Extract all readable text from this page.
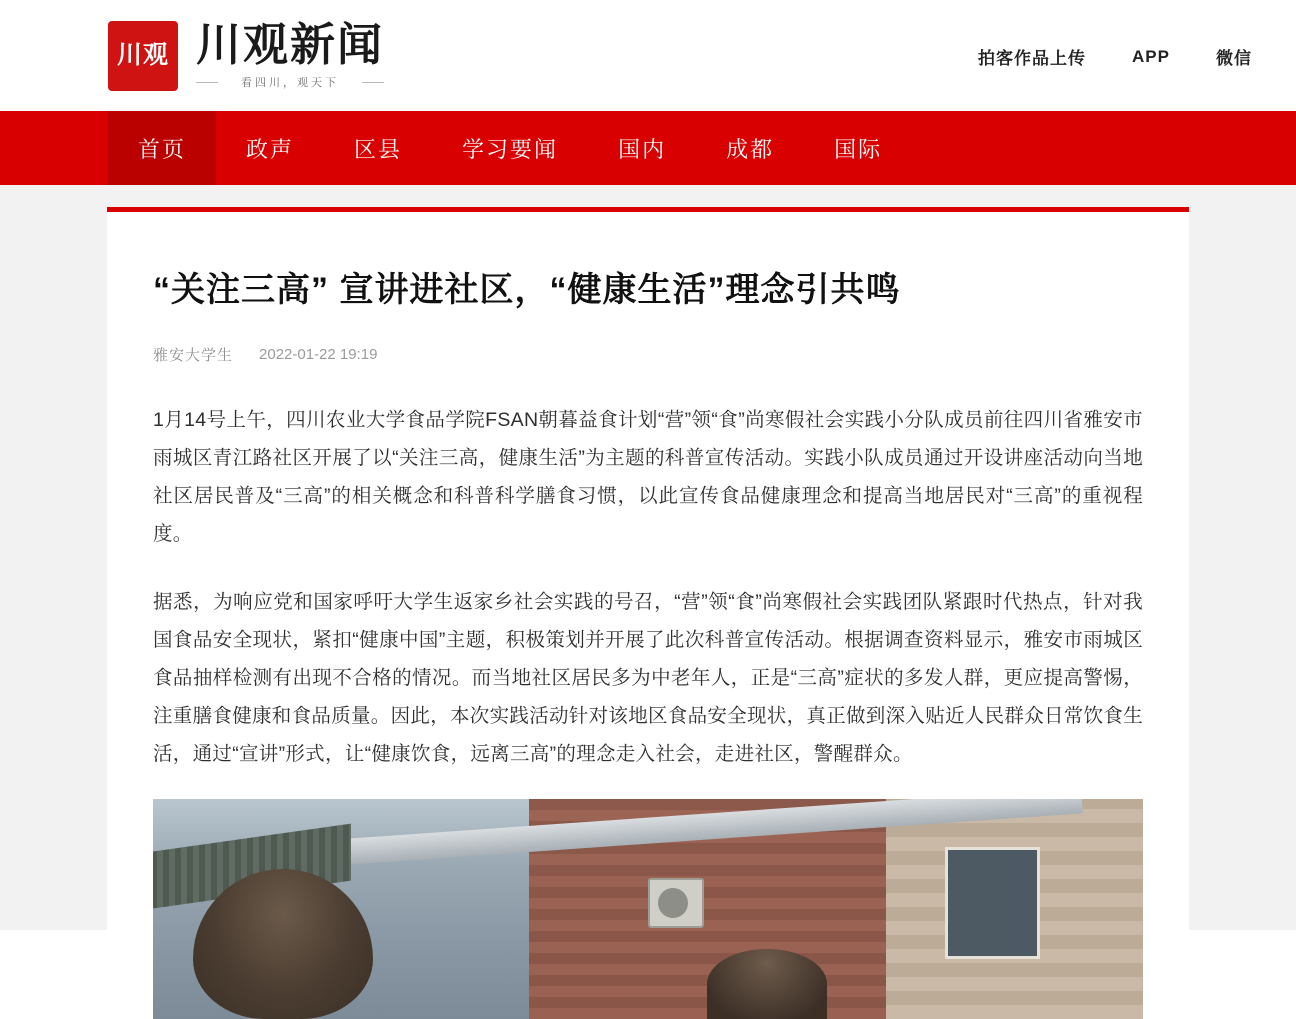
川观 川观新闻
看四川，观天下
拍客作品上传	APP	微信
首页	政声	区县	学习要闻	国内	成都	国际
“关注三高” 宣讲进社区，“健康生活”理念引共鸣
雅安大学生 2022-01-22 19:19

1月14号上午，四川农业大学食品学院FSAN朝暮益食计划“营”领“食”尚寒假社会实践小分队成员前往四川省雅安市雨城区青江路社区开展了以“关注三高，健康生活”为主题的科普宣传活动。实践小队成员通过开设讲座活动向当地社区居民普及“三高”的相关概念和科普科学膳食习惯，以此宣传食品健康理念和提高当地居民对“三高”的重视程度。

据悉，为响应党和国家呼吁大学生返家乡社会实践的号召，“营”领“食”尚寒假社会实践团队紧跟时代热点，针对我国食品安全现状，紧扣“健康中国”主题，积极策划并开展了此次科普宣传活动。根据调查资料显示，雅安市雨城区食品抽样检测有出现不合格的情况。而当地社区居民多为中老年人，正是“三高”症状的多发人群，更应提高警惕，注重膳食健康和食品质量。因此，本次实践活动针对该地区食品安全现状，真正做到深入贴近人民群众日常饮食生活，通过“宣讲”形式，让“健康饮食，远离三高”的理念走入社会，走进社区，警醒群众。
